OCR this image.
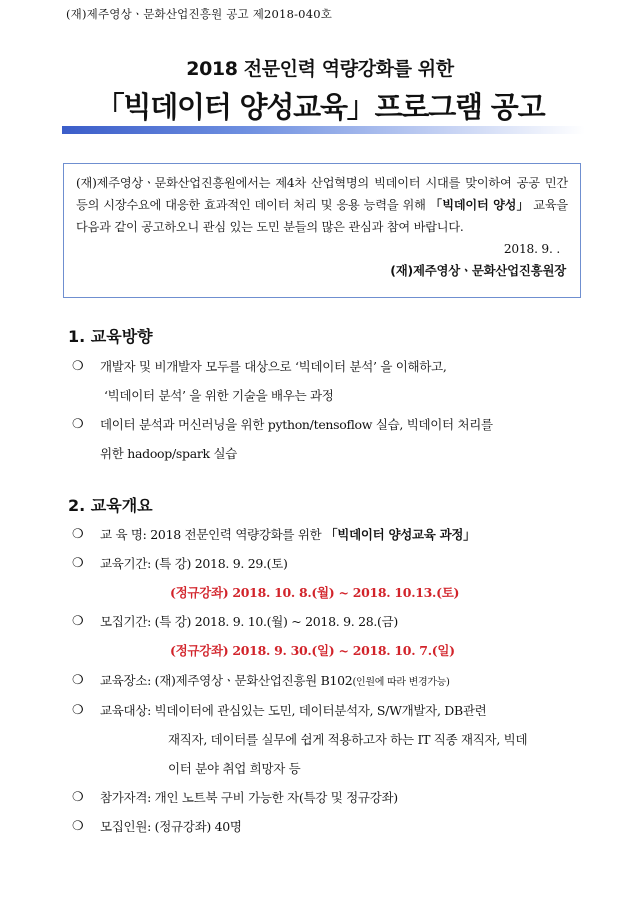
(재)제주영상ㆍ문화산업진흥원 공고 제2018-040호
2018 전문인력 역량강화를 위한
「빅데이터 양성교육」프로그램 공고

(재)제주영상ㆍ문화산업진흥원에서는 제4차 산업혁명의 빅데이터 시대를 맞이하여 공공 민간 등의 시장수요에 대응한 효과적인 데이터 처리 및 응용 능력을 위해 「빅데이터 양성」 교육을 다음과 같이 공고하오니 관심 있는 도민 분들의 많은 관심과 참여 바랍니다.

2018. 9. .
(재)제주영상ㆍ문화산업진흥원장
1. 교육방향
❍	개발자 및 비개발자 모두를 대상으로 ‘빅데이터 분석’ 을 이해하고,
‘빅데이터 분석’ 을 위한 기술을 배우는 과정
❍	데이터 분석과 머신러닝을 위한 python/tensoflow 실습, 빅데이터 처리를
위한 hadoop/spark 실습
2. 교육개요
❍	교 육 명: 2018 전문인력 역량강화를 위한 「빅데이터 양성교육 과정」
❍	교육기간: (특 강) 2018. 9. 29.(토)
(정규강좌) 2018. 10. 8.(월) ~ 2018. 10.13.(토)
❍	모집기간: (특 강) 2018. 9. 10.(월) ~ 2018. 9. 28.(금)
(정규강좌) 2018. 9. 30.(일) ~ 2018. 10. 7.(일)
❍	교육장소: (재)제주영상ㆍ문화산업진흥원 B102(인원에 따라 변경가능)
❍	교육대상: 빅데이터에 관심있는 도민, 데이터분석자, S/W개발자, DB관련
재직자, 데이터를 실무에 쉽게 적용하고자 하는 IT 직종 재직자, 빅데
이터 분야 취업 희망자 등
❍	참가자격: 개인 노트북 구비 가능한 자(특강 및 정규강좌)
❍	모집인원: (정규강좌) 40명
